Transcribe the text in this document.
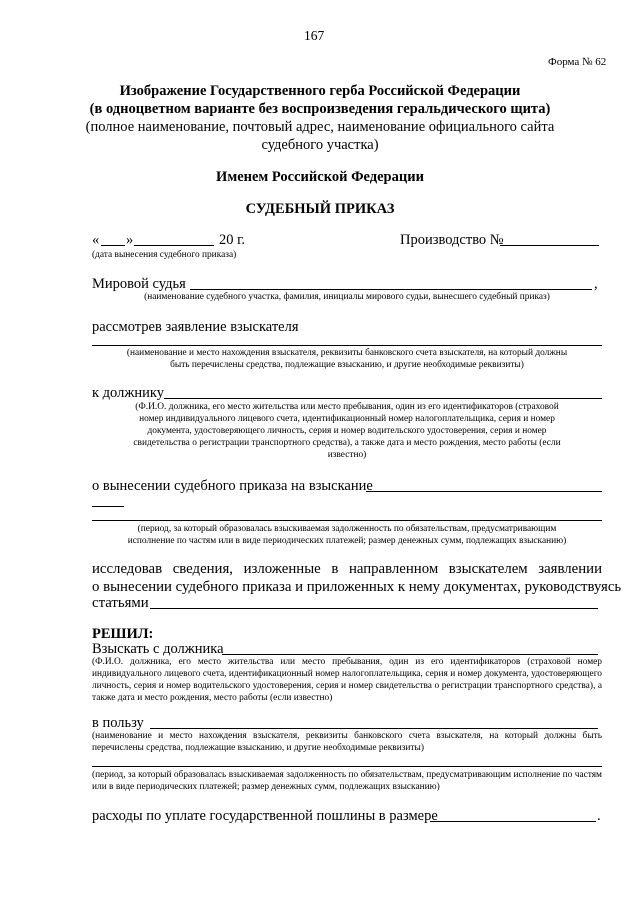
167
Форма № 62
Изображение Государственного герба Российской Федерации
(в одноцветном варианте без воспроизведения геральдического щита)
(полное наименование, почтовый адрес, наименование официального сайта
судебного участка)
Именем Российской Федерации
СУДЕБНЫЙ ПРИКАЗ
« »	20 г.
(дата вынесения судебного приказа)
Производство №
Мировой судья	,
(наименование судебного участка, фамилия, инициалы мирового судьи, вынесшего судебный приказ)
рассмотрев заявление взыскателя
(наименование и место нахождения взыскателя, реквизиты банковского счета взыскателя, на который должны
быть перечислены средства, подлежащие взысканию, и другие необходимые реквизиты)
к должнику
(Ф.И.О. должника, его место жительства или место пребывания, один из его идентификаторов (страховой
номер индивидуального лицевого счета, идентификационный номер налогоплательщика, серия и номер
документа, удостоверяющего личность, серия и номер водительского удостоверения, серия и номер
свидетельства о регистрации транспортного средства), а также дата и место рождения, место работы (если
известно)
о вынесении судебного приказа на взыскание
(период, за который образовалась взыскиваемая задолженность по обязательствам, предусматривающим
исполнение по частям или в виде периодических платежей; размер денежных сумм, подлежащих взысканию)
исследовав сведения, изложенные в направленном взыскателем заявлении
о вынесении судебного приказа и приложенных к нему документах, руководствуясь
статьями
РЕШИЛ:
Взыскать с должника
(Ф.И.О. должника, его место жительства или место пребывания, один из его идентификаторов (страховой номер индивидуального лицевого счета, идентификационный номер налогоплательщика, серия и номер документа, удостоверяющего личность, серия и номер водительского удостоверения, серия и номер свидетельства о регистрации транспортного средства), а также дата и место рождения, место работы (если известно)
в пользу
(наименование и место нахождения взыскателя, реквизиты банковского счета взыскателя, на который должны быть перечислены средства, подлежащие взысканию, и другие необходимые реквизиты)
(период, за который образовалась взыскиваемая задолженность по обязательствам, предусматривающим исполнение по частям или в виде периодических платежей; размер денежных сумм, подлежащих взысканию)
расходы по уплате государственной пошлины в размере	.
